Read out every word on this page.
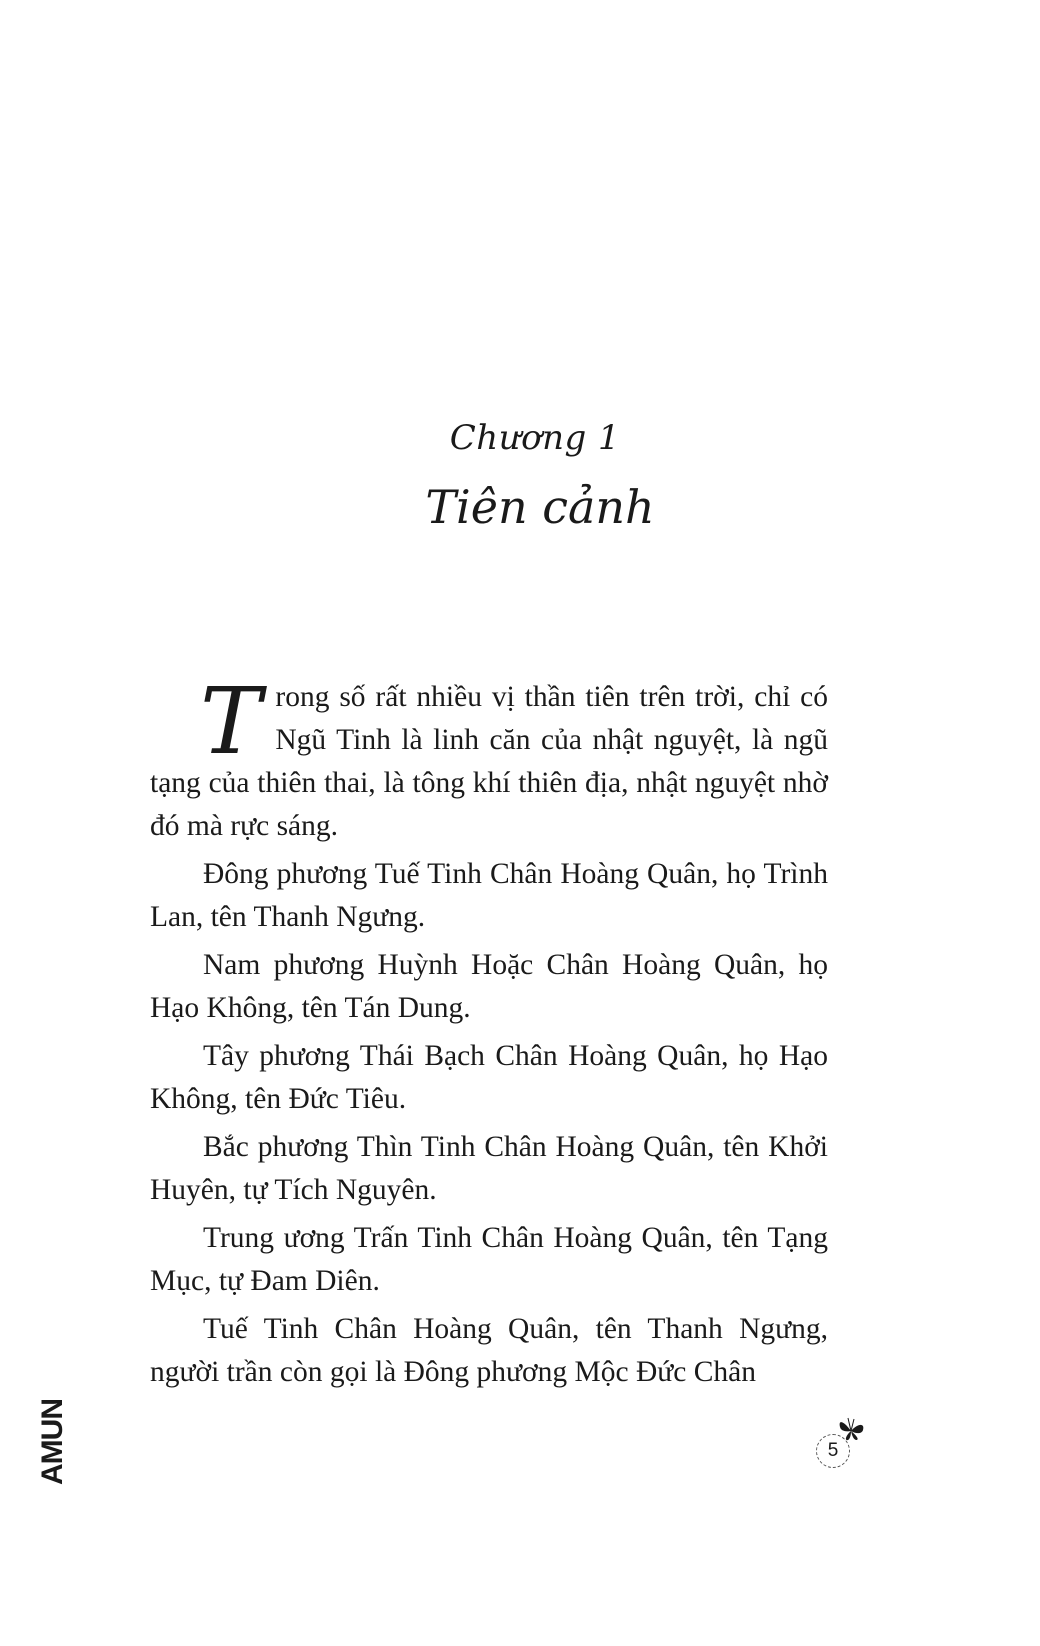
Chương 1
Tiên cảnh

Trong số rất nhiều vị thần tiên trên trời, chỉ có Ngũ Tinh là linh căn của nhật nguyệt, là ngũ tạng của thiên thai, là tông khí thiên địa, nhật nguyệt nhờ đó mà rực sáng.

Đông phương Tuế Tinh Chân Hoàng Quân, họ Trình Lan, tên Thanh Ngưng.

Nam phương Huỳnh Hoặc Chân Hoàng Quân, họ Hạo Không, tên Tán Dung.

Tây phương Thái Bạch Chân Hoàng Quân, họ Hạo Không, tên Đức Tiêu.

Bắc phương Thìn Tinh Chân Hoàng Quân, tên Khởi Huyên, tự Tích Nguyên.

Trung ương Trấn Tinh Chân Hoàng Quân, tên Tạng Mục, tự Đam Diên.

Tuế Tinh Chân Hoàng Quân, tên Thanh Ngưng, người trần còn gọi là Đông phương Mộc Đức Chân

AMUN	5
